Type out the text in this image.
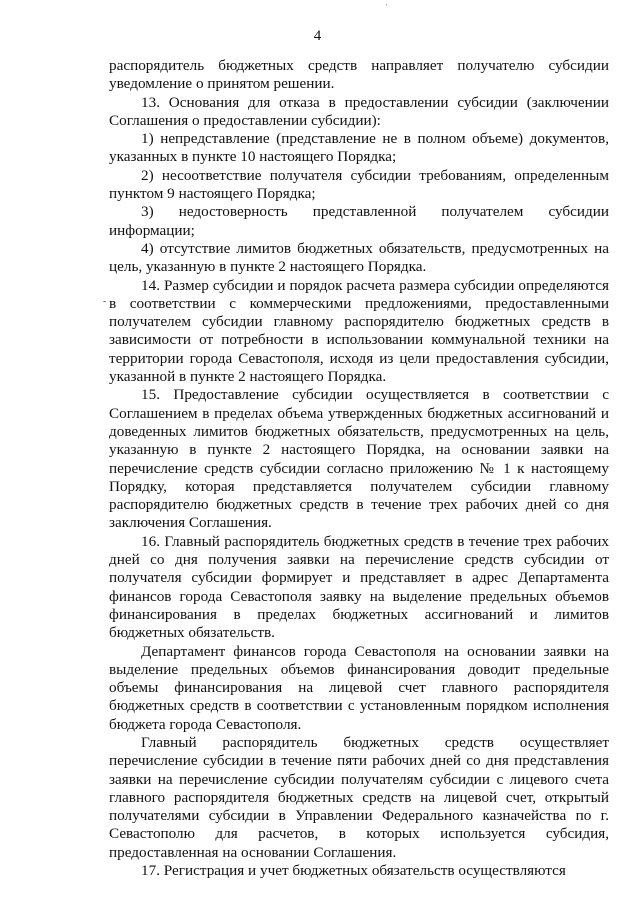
4
ˈ
-

распорядитель бюджетных средств направляет получателю субсидии уведомление о принятом решении.

13. Основания для отказа в предоставлении субсидии (заключении Соглашения о предоставлении субсидии):

1) непредставление (представление не в полном объеме) документов, указанных в пункте 10 настоящего Порядка;

2) несоответствие получателя субсидии требованиям, определенным пунктом 9 настоящего Порядка;

3) недостоверность представленной получателем субсидии информации;

4) отсутствие лимитов бюджетных обязательств, предусмотренных на цель, указанную в пункте 2 настоящего Порядка.

14. Размер субсидии и порядок расчета размера субсидии определяются в соответствии с коммерческими предложениями, предоставленными получателем субсидии главному распорядителю бюджетных средств в зависимости от потребности в использовании коммунальной техники на территории города Севастополя, исходя из цели предоставления субсидии, указанной в пункте 2 настоящего Порядка.

15. Предоставление субсидии осуществляется в соответствии с Соглашением в пределах объема утвержденных бюджетных ассигнований и доведенных лимитов бюджетных обязательств, предусмотренных на цель, указанную в пункте 2 настоящего Порядка, на основании заявки на перечисление средств субсидии согласно приложению № 1 к настоящему Порядку, которая представляется получателем субсидии главному распорядителю бюджетных средств в течение трех рабочих дней со дня заключения Соглашения.

16. Главный распорядитель бюджетных средств в течение трех рабочих дней со дня получения заявки на перечисление средств субсидии от получателя субсидии формирует и представляет в адрес Департамента финансов города Севастополя заявку на выделение предельных объемов финансирования в пределах бюджетных ассигнований и лимитов бюджетных обязательств.

Департамент финансов города Севастополя на основании заявки на выделение предельных объемов финансирования доводит предельные объемы финансирования на лицевой счет главного распорядителя бюджетных средств в соответствии с установленным порядком исполнения бюджета города Севастополя.

Главный распорядитель бюджетных средств осуществляет перечисление субсидии в течение пяти рабочих дней со дня представления заявки на перечисление субсидии получателям субсидии с лицевого счета главного распорядителя бюджетных средств на лицевой счет, открытый получателями субсидии в Управлении Федерального казначейства по г. Севастополю для расчетов, в которых используется субсидия, предоставленная на основании Соглашения.

17. Регистрация и учет бюджетных обязательств осуществляются
